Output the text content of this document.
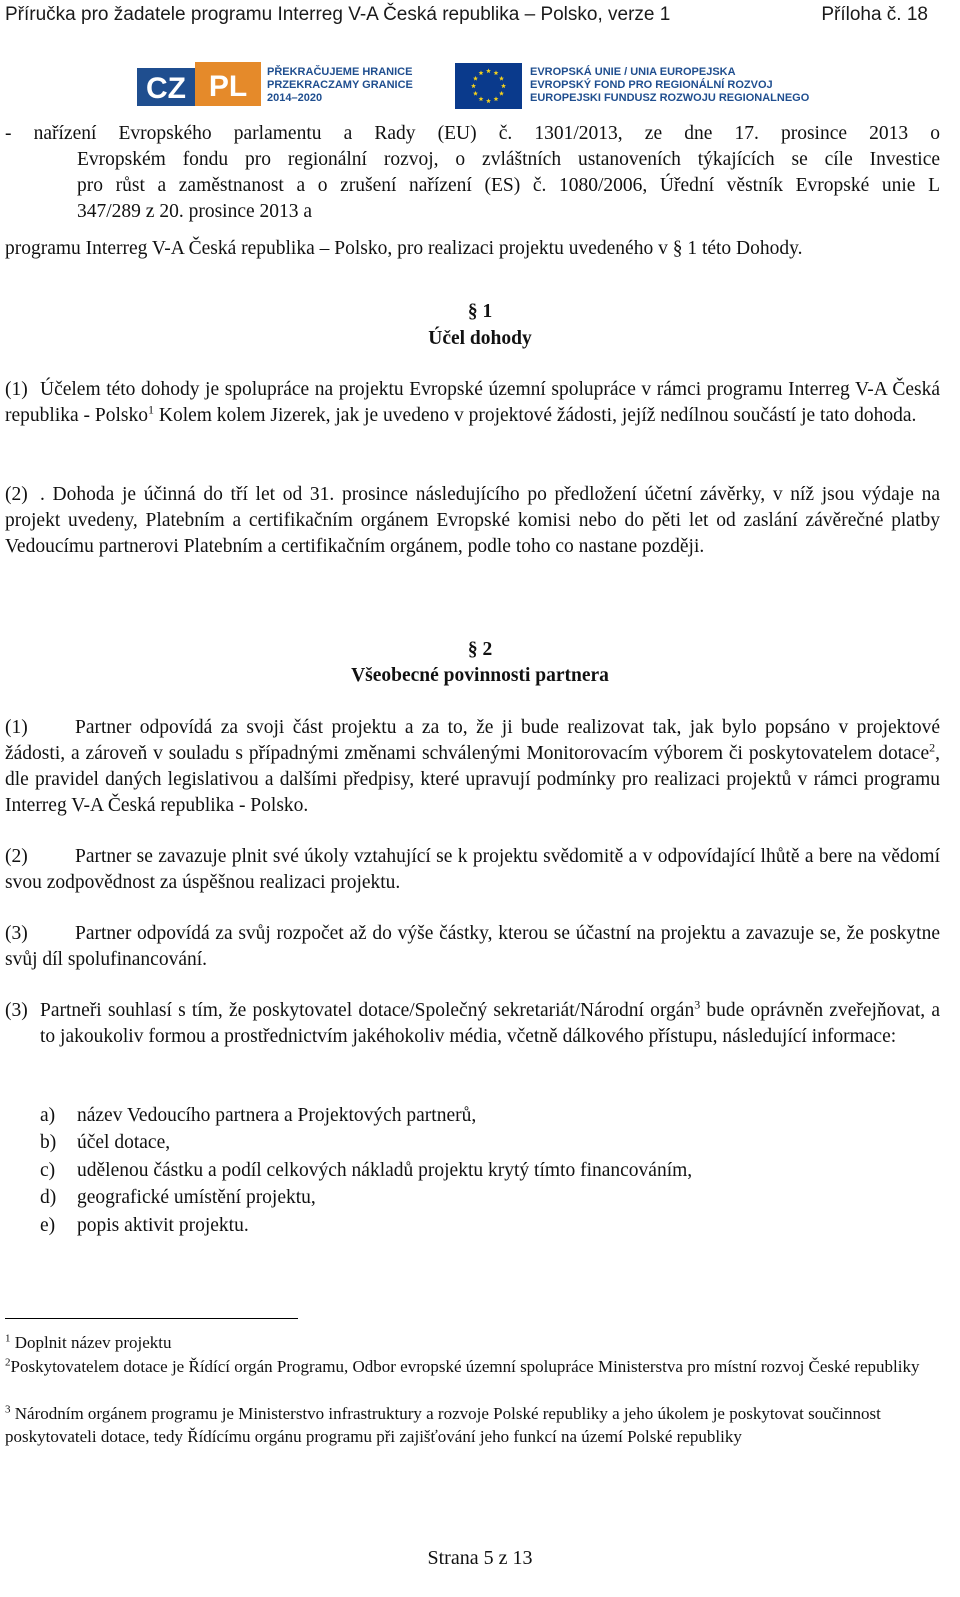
Příručka pro žadatele programu Interreg V-A Česká republika – Polsko, verze 1	Příloha č. 18
CZ PL PŘEKRAČUJEME HRANICE
PRZEKRACZAMY GRANICE
2014–2020
EVROPSKÁ UNIE / UNIA EUROPEJSKA
EVROPSKÝ FOND PRO REGIONÁLNÍ ROZVOJ
EUROPEJSKI FUNDUSZ ROZWOJU REGIONALNEGO
- nařízení Evropského parlamentu a Rady (EU) č. 1301/2013, ze dne 17. prosince 2013 o
Evropském fondu pro regionální rozvoj, o zvláštních ustanoveních týkajících se cíle Investice
pro růst a zaměstnanost a o zrušení nařízení (ES) č. 1080/2006, Úřední věstník Evropské unie L
347/289 z 20. prosince 2013 a
programu Interreg V-A Česká republika – Polsko, pro realizaci projektu uvedeného v § 1 této Dohody.
§ 1
Účel dohody
(1) Účelem této dohody je spolupráce na projektu Evropské územní spolupráce v rámci programu Interreg V-A Česká republika - Polsko$^1$ Kolem kolem Jizerek, jak je uvedeno v projektové žádosti, jejíž nedílnou součástí je tato dohoda.
(2) . Dohoda je účinná do tří let od 31. prosince následujícího po předložení účetní závěrky, v níž jsou výdaje na projekt uvedeny, Platebním a certifikačním orgánem Evropské komisi nebo do pěti let od zaslání závěrečné platby Vedoucímu partnerovi Platebním a certifikačním orgánem, podle toho co nastane později.
§ 2
Všeobecné povinnosti partnera
(1)	Partner odpovídá za svoji část projektu a za to, že ji bude realizovat tak, jak bylo popsáno v projektové žádosti, a zároveň v souladu s případnými změnami schválenými Monitorovacím výborem či poskytovatelem dotace$^2$, dle pravidel daných legislativou a dalšími předpisy, které upravují podmínky pro realizaci projektů v rámci programu Interreg V-A Česká republika - Polsko.
(2)	Partner se zavazuje plnit své úkoly vztahující se k projektu svědomitě a v odpovídající lhůtě a bere na vědomí svou zodpovědnost za úspěšnou realizaci projektu.
(3)	Partner odpovídá za svůj rozpočet až do výše částky, kterou se účastní na projektu a zavazuje se, že poskytne svůj díl spolufinancování.
(3) Partneři souhlasí s tím, že poskytovatel dotace/Společný sekretariát/Národní orgán$^3$ bude oprávněn zveřejňovat, a to jakoukoliv formou a prostřednictvím jakéhokoliv média, včetně dálkového přístupu, následující informace:
a) název Vedoucího partnera a Projektových partnerů,
b) účel dotace,
c) udělenou částku a podíl celkových nákladů projektu krytý tímto financováním,
d) geografické umístění projektu,
e) popis aktivit projektu.
$^1$ Doplnit název projektu
$^2$Poskytovatelem dotace je Řídící orgán Programu, Odbor evropské územní spolupráce Ministerstva pro místní rozvoj České republiky
$^3$ Národním orgánem programu je Ministerstvo infrastruktury a rozvoje Polské republiky a jeho úkolem je poskytovat součinnost poskytovateli dotace, tedy Řídícímu orgánu programu při zajišťování jeho funkcí na území Polské republiky
Strana 5 z 13
